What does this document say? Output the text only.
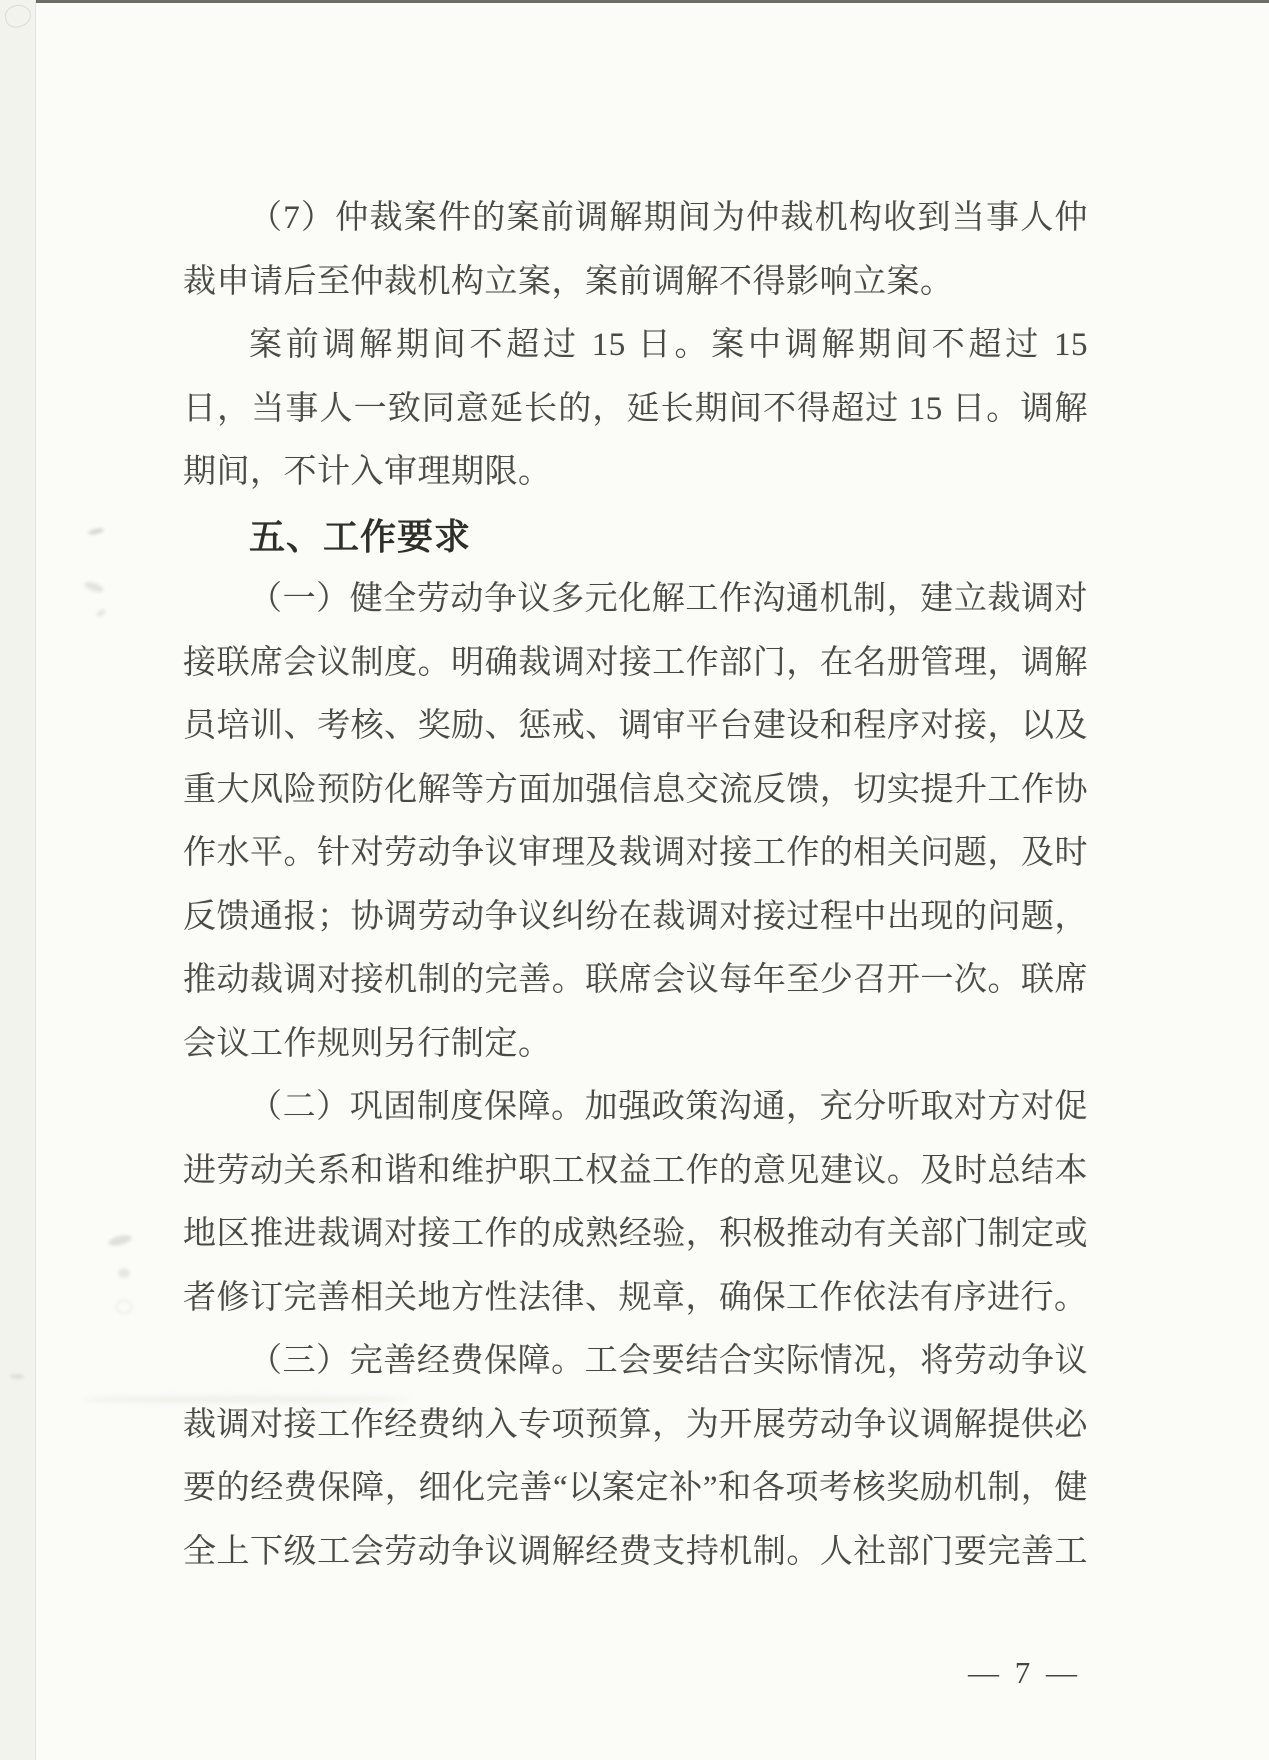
（7）仲裁案件的案前调解期间为仲裁机构收到当事人仲
裁申请后至仲裁机构立案，案前调解不得影响立案。
案前调解期间不超过 15 日。案中调解期间不超过 15
日，当事人一致同意延长的，延长期间不得超过 15 日。调解
期间，不计入审理期限。
五、工作要求
（一）健全劳动争议多元化解工作沟通机制，建立裁调对
接联席会议制度。明确裁调对接工作部门，在名册管理，调解
员培训、考核、奖励、惩戒、调审平台建设和程序对接，以及
重大风险预防化解等方面加强信息交流反馈，切实提升工作协
作水平。针对劳动争议审理及裁调对接工作的相关问题，及时
反馈通报；协调劳动争议纠纷在裁调对接过程中出现的问题，
推动裁调对接机制的完善。联席会议每年至少召开一次。联席
会议工作规则另行制定。
（二）巩固制度保障。加强政策沟通，充分听取对方对促
进劳动关系和谐和维护职工权益工作的意见建议。及时总结本
地区推进裁调对接工作的成熟经验，积极推动有关部门制定或
者修订完善相关地方性法律、规章，确保工作依法有序进行。
（三）完善经费保障。工会要结合实际情况，将劳动争议
裁调对接工作经费纳入专项预算，为开展劳动争议调解提供必
要的经费保障，细化完善“以案定补”和各项考核奖励机制，健
全上下级工会劳动争议调解经费支持机制。人社部门要完善工
— 7 —
